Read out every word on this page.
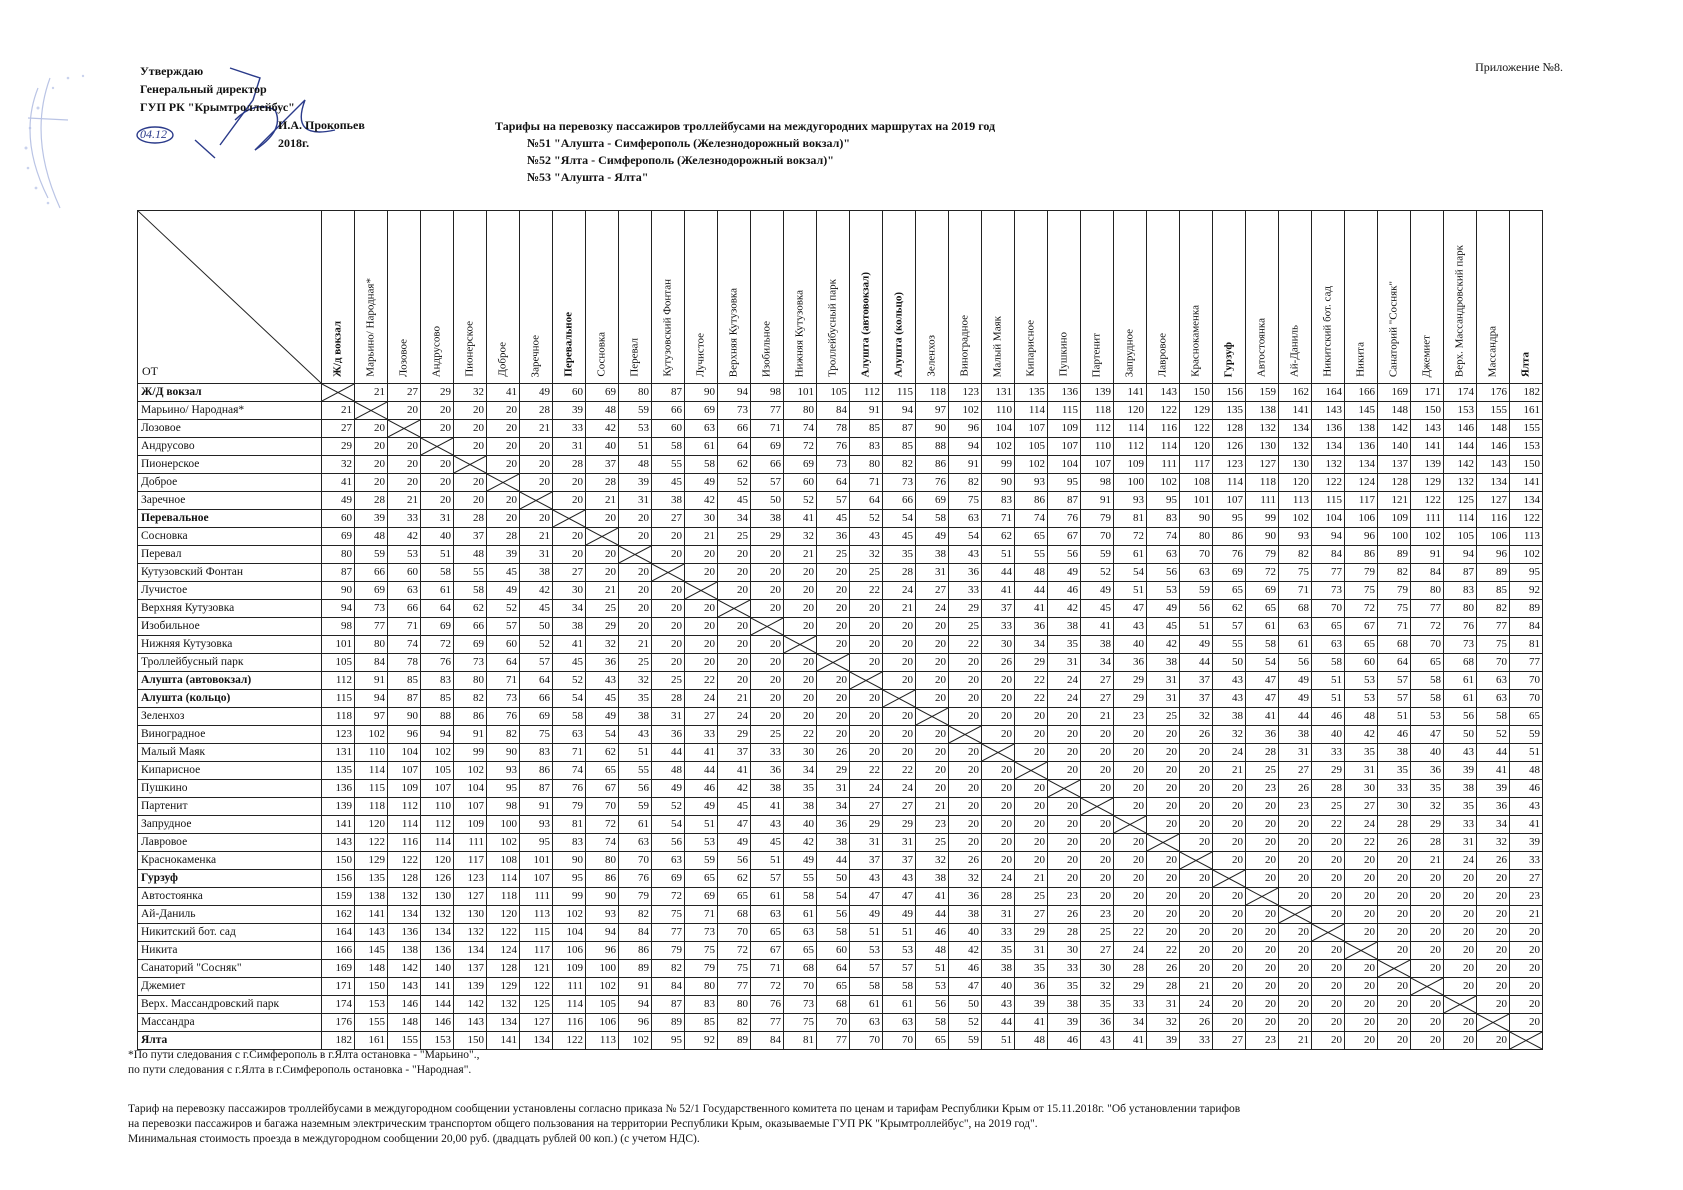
04.12
Утверждаю
Генеральный директор
ГУП РК "Крымтроллейбус"
И.А. Прокопьев
2018г.
Приложение №8.
Тарифы на перевозку пассажиров троллейбусами на междугородних маршрутах на 2019 год
№51 "Алушта - Симферополь (Железнодорожный вокзал)"
№52 "Ялта - Симферополь (Железнодорожный вокзал)"
№53 "Алушта - Ялта"
ОТ	Ж/д вокзал	Марьино/ Народная*	Лозовое	Андрусово	Пионерское	Доброе	Заречное	Перевальное	Сосновка	Перевал	Кутузовский Фонтан	Лучистое	Верхняя Кутузовка	Изобильное	Нижняя Кутузовка	Троллейбусный парк	Алушта (автовокзал)	Алушта (кольцо)	Зеленхоз	Виноградное	Малый Маяк	Кипарисное	Пушкино	Партенит	Запрудное	Лавровое	Краснокаменка	Гурзуф	Автостоянка	Ай-Даниль	Никитский бот. сад	Никита	Санаторий "Сосняк"	Джемиет	Верх. Массандровский парк	Массандра	Ялта

Ж/Д вокзал		21	27	29	32	41	49	60	69	80	87	90	94	98	101	105	112	115	118	123	131	135	136	139	141	143	150	156	159	162	164	166	169	171	174	176	182
Марьино/ Народная*	21		20	20	20	20	28	39	48	59	66	69	73	77	80	84	91	94	97	102	110	114	115	118	120	122	129	135	138	141	143	145	148	150	153	155	161
Лозовое	27	20		20	20	20	21	33	42	53	60	63	66	71	74	78	85	87	90	96	104	107	109	112	114	116	122	128	132	134	136	138	142	143	146	148	155
Андрусово	29	20	20		20	20	20	31	40	51	58	61	64	69	72	76	83	85	88	94	102	105	107	110	112	114	120	126	130	132	134	136	140	141	144	146	153
Пионерское	32	20	20	20		20	20	28	37	48	55	58	62	66	69	73	80	82	86	91	99	102	104	107	109	111	117	123	127	130	132	134	137	139	142	143	150
Доброе	41	20	20	20	20		20	20	28	39	45	49	52	57	60	64	71	73	76	82	90	93	95	98	100	102	108	114	118	120	122	124	128	129	132	134	141
Заречное	49	28	21	20	20	20		20	21	31	38	42	45	50	52	57	64	66	69	75	83	86	87	91	93	95	101	107	111	113	115	117	121	122	125	127	134
Перевальное	60	39	33	31	28	20	20		20	20	27	30	34	38	41	45	52	54	58	63	71	74	76	79	81	83	90	95	99	102	104	106	109	111	114	116	122
Сосновка	69	48	42	40	37	28	21	20		20	20	21	25	29	32	36	43	45	49	54	62	65	67	70	72	74	80	86	90	93	94	96	100	102	105	106	113
Перевал	80	59	53	51	48	39	31	20	20		20	20	20	20	21	25	32	35	38	43	51	55	56	59	61	63	70	76	79	82	84	86	89	91	94	96	102
Кутузовский Фонтан	87	66	60	58	55	45	38	27	20	20		20	20	20	20	20	25	28	31	36	44	48	49	52	54	56	63	69	72	75	77	79	82	84	87	89	95
Лучистое	90	69	63	61	58	49	42	30	21	20	20		20	20	20	20	22	24	27	33	41	44	46	49	51	53	59	65	69	71	73	75	79	80	83	85	92
Верхняя Кутузовка	94	73	66	64	62	52	45	34	25	20	20	20		20	20	20	20	21	24	29	37	41	42	45	47	49	56	62	65	68	70	72	75	77	80	82	89
Изобильное	98	77	71	69	66	57	50	38	29	20	20	20	20		20	20	20	20	20	25	33	36	38	41	43	45	51	57	61	63	65	67	71	72	76	77	84
Нижняя Кутузовка	101	80	74	72	69	60	52	41	32	21	20	20	20	20		20	20	20	20	22	30	34	35	38	40	42	49	55	58	61	63	65	68	70	73	75	81
Троллейбусный парк	105	84	78	76	73	64	57	45	36	25	20	20	20	20	20		20	20	20	20	26	29	31	34	36	38	44	50	54	56	58	60	64	65	68	70	77
Алушта (автовокзал)	112	91	85	83	80	71	64	52	43	32	25	22	20	20	20	20		20	20	20	20	22	24	27	29	31	37	43	47	49	51	53	57	58	61	63	70
Алушта (кольцо)	115	94	87	85	82	73	66	54	45	35	28	24	21	20	20	20	20		20	20	20	22	24	27	29	31	37	43	47	49	51	53	57	58	61	63	70
Зеленхоз	118	97	90	88	86	76	69	58	49	38	31	27	24	20	20	20	20	20		20	20	20	20	21	23	25	32	38	41	44	46	48	51	53	56	58	65
Виноградное	123	102	96	94	91	82	75	63	54	43	36	33	29	25	22	20	20	20	20		20	20	20	20	20	20	26	32	36	38	40	42	46	47	50	52	59
Малый Маяк	131	110	104	102	99	90	83	71	62	51	44	41	37	33	30	26	20	20	20	20		20	20	20	20	20	20	24	28	31	33	35	38	40	43	44	51
Кипарисное	135	114	107	105	102	93	86	74	65	55	48	44	41	36	34	29	22	22	20	20	20		20	20	20	20	20	21	25	27	29	31	35	36	39	41	48
Пушкино	136	115	109	107	104	95	87	76	67	56	49	46	42	38	35	31	24	24	20	20	20	20		20	20	20	20	20	23	26	28	30	33	35	38	39	46
Партенит	139	118	112	110	107	98	91	79	70	59	52	49	45	41	38	34	27	27	21	20	20	20	20		20	20	20	20	20	23	25	27	30	32	35	36	43
Запрудное	141	120	114	112	109	100	93	81	72	61	54	51	47	43	40	36	29	29	23	20	20	20	20	20		20	20	20	20	20	22	24	28	29	33	34	41
Лавровое	143	122	116	114	111	102	95	83	74	63	56	53	49	45	42	38	31	31	25	20	20	20	20	20	20		20	20	20	20	20	22	26	28	31	32	39
Краснокаменка	150	129	122	120	117	108	101	90	80	70	63	59	56	51	49	44	37	37	32	26	20	20	20	20	20	20		20	20	20	20	20	20	21	24	26	33
Гурзуф	156	135	128	126	123	114	107	95	86	76	69	65	62	57	55	50	43	43	38	32	24	21	20	20	20	20	20		20	20	20	20	20	20	20	20	27
Автостоянка	159	138	132	130	127	118	111	99	90	79	72	69	65	61	58	54	47	47	41	36	28	25	23	20	20	20	20	20		20	20	20	20	20	20	20	23
Ай-Даниль	162	141	134	132	130	120	113	102	93	82	75	71	68	63	61	56	49	49	44	38	31	27	26	23	20	20	20	20	20		20	20	20	20	20	20	21
Никитский бот. сад	164	143	136	134	132	122	115	104	94	84	77	73	70	65	63	58	51	51	46	40	33	29	28	25	22	20	20	20	20	20		20	20	20	20	20	20
Никита	166	145	138	136	134	124	117	106	96	86	79	75	72	67	65	60	53	53	48	42	35	31	30	27	24	22	20	20	20	20	20		20	20	20	20	20
Санаторий "Сосняк"	169	148	142	140	137	128	121	109	100	89	82	79	75	71	68	64	57	57	51	46	38	35	33	30	28	26	20	20	20	20	20	20		20	20	20	20
Джемиет	171	150	143	141	139	129	122	111	102	91	84	80	77	72	70	65	58	58	53	47	40	36	35	32	29	28	21	20	20	20	20	20	20		20	20	20
Верх. Массандровский парк	174	153	146	144	142	132	125	114	105	94	87	83	80	76	73	68	61	61	56	50	43	39	38	35	33	31	24	20	20	20	20	20	20	20		20	20
Массандра	176	155	148	146	143	134	127	116	106	96	89	85	82	77	75	70	63	63	58	52	44	41	39	36	34	32	26	20	20	20	20	20	20	20	20		20
Ялта	182	161	155	153	150	141	134	122	113	102	95	92	89	84	81	77	70	70	65	59	51	48	46	43	41	39	33	27	23	21	20	20	20	20	20	20	
*По пути следования с г.Симферополь в г.Ялта остановка - "Марьино".,
по пути следования с г.Ялта в г.Симферополь остановка - "Народная".
Тариф на перевозку пассажиров троллейбусами в междугородном сообщении установлены согласно приказа № 52/1 Государственного комитета по ценам и тарифам Республики Крым от 15.11.2018г. "Об установлении тарифов
на перевозки пассажиров и багажа наземным электрическим транспортом общего пользования на территории Республики Крым, оказываемые ГУП РК "Крымтроллейбус", на 2019 год".
Минимальная стоимость проезда в междугородном сообщении 20,00 руб. (двадцать рублей 00 коп.) (с учетом НДС).
